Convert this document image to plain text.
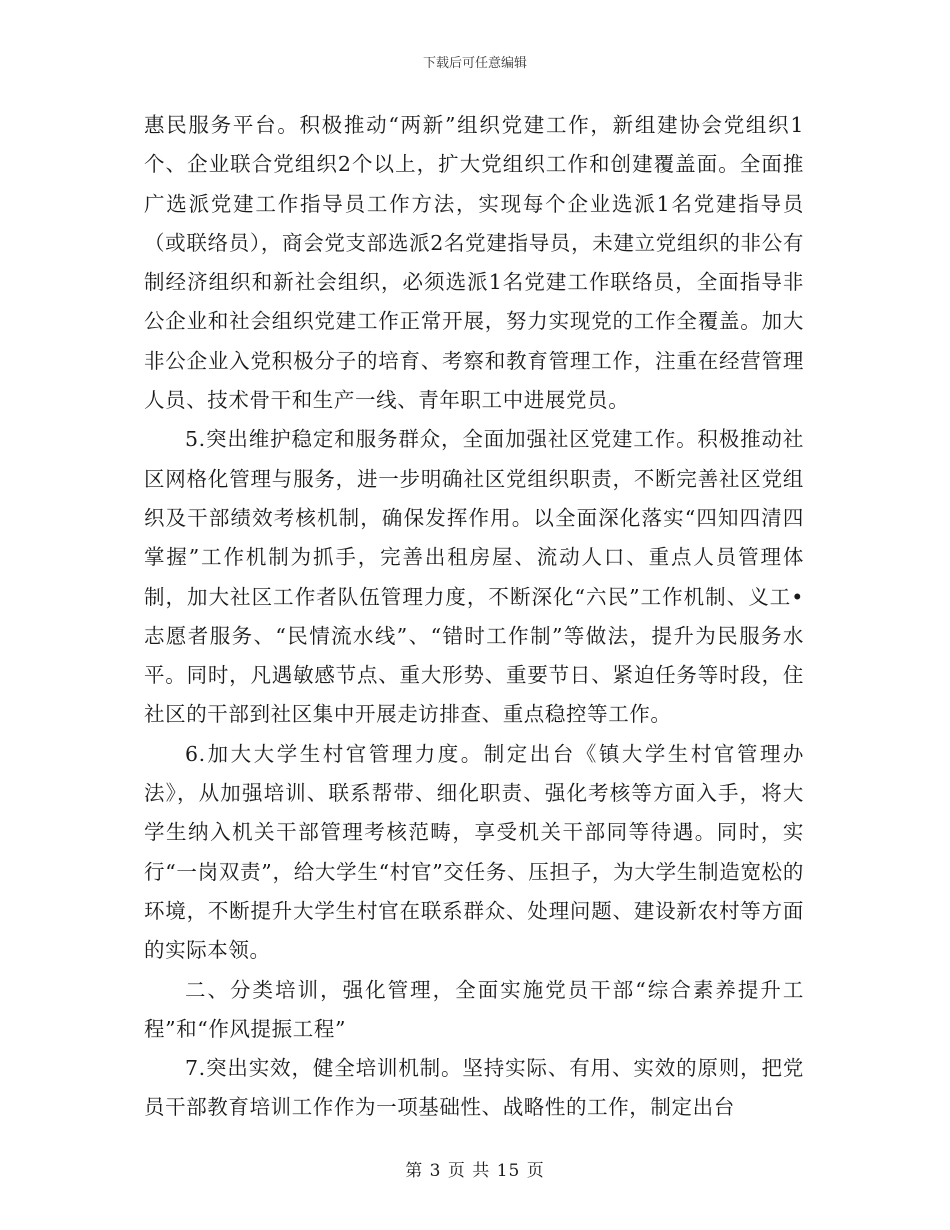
下载后可任意编辑

惠民服务平台。积极推动“两新”组织党建工作，新组建协会党组织1个、企业联合党组织2个以上，扩大党组织工作和创建覆盖面。全面推广选派党建工作指导员工作方法，实现每个企业选派1名党建指导员（或联络员），商会党支部选派2名党建指导员，未建立党组织的非公有制经济组织和新社会组织，必须选派1名党建工作联络员，全面指导非公企业和社会组织党建工作正常开展，努力实现党的工作全覆盖。加大非公企业入党积极分子的培育、考察和教育管理工作，注重在经营管理人员、技术骨干和生产一线、青年职工中进展党员。

5.突出维护稳定和服务群众，全面加强社区党建工作。积极推动社区网格化管理与服务，进一步明确社区党组织职责，不断完善社区党组织及干部绩效考核机制，确保发挥作用。以全面深化落实“四知四清四掌握”工作机制为抓手，完善出租房屋、流动人口、重点人员管理体制，加大社区工作者队伍管理力度，不断深化“六民”工作机制、义工•志愿者服务、“民情流水线”、“错时工作制”等做法，提升为民服务水平。同时，凡遇敏感节点、重大形势、重要节日、紧迫任务等时段，住社区的干部到社区集中开展走访排查、重点稳控等工作。

6.加大大学生村官管理力度。制定出台《镇大学生村官管理办法》，从加强培训、联系帮带、细化职责、强化考核等方面入手，将大学生纳入机关干部管理考核范畴，享受机关干部同等待遇。同时，实行“一岗双责”，给大学生“村官”交任务、压担子，为大学生制造宽松的环境，不断提升大学生村官在联系群众、处理问题、建设新农村等方面的实际本领。

二、分类培训，强化管理，全面实施党员干部“综合素养提升工程”和“作风提振工程”

7.突出实效，健全培训机制。坚持实际、有用、实效的原则，把党员干部教育培训工作作为一项基础性、战略性的工作，制定出台

第 3 页 共 15 页
